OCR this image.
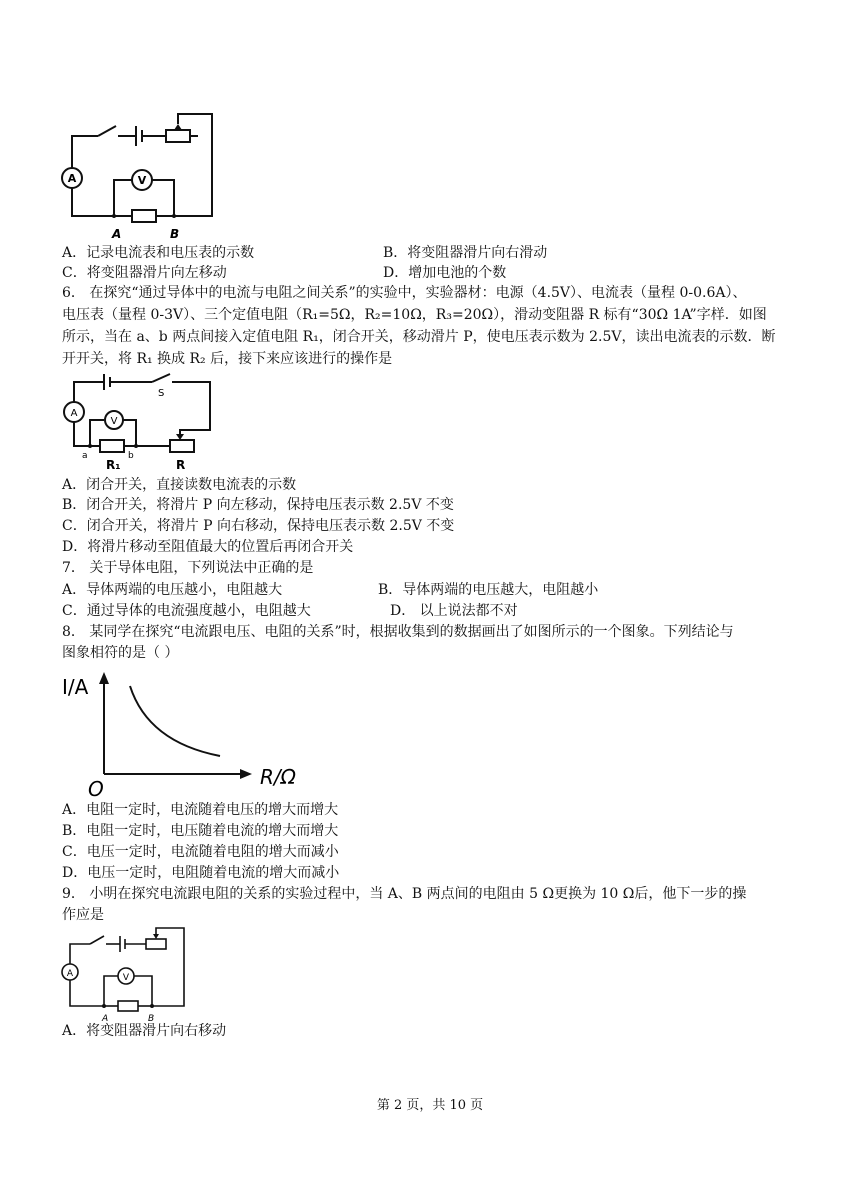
A	V
A	B
A．记录电流表和电压表的示数	B．将变阻器滑片向右滑动
C．将变阻器滑片向左移动	D．增加电池的个数
6． 在探究“通过导体中的电流与电阻之间关系”的实验中，实验器材：电源（4.5V）、电流表（量程 0-0.6A）、
电压表（量程 0-3V）、三个定值电阻（R₁=5Ω，R₂=10Ω，R₃=20Ω），滑动变阻器 R 标有“30Ω 1A”字样．如图
所示，当在 a、b 两点间接入定值电阻 R₁，闭合开关，移动滑片 P，使电压表示数为 2.5V，读出电流表的示数．断
开开关，将 R₁ 换成 R₂ 后，接下来应该进行的操作是
A
V
S
a	b
R₁	R
A．闭合开关，直接读数电流表的示数
B．闭合开关，将滑片 P 向左移动，保持电压表示数 2.5V 不变
C．闭合开关，将滑片 P 向右移动，保持电压表示数 2.5V 不变
D．将滑片移动至阻值最大的位置后再闭合开关
7． 关于导体电阻，下列说法中正确的是
A．导体两端的电压越小，电阻越大	B．导体两端的电压越大，电阻越小
C．通过导体的电流强度越小，电阻越大	D． 以上说法都不对
8． 某同学在探究“电流跟电压、电阻的关系”时，根据收集到的数据画出了如图所示的一个图象。下列结论与
图象相符的是（ ）
I/A
R/Ω
O
A．电阻一定时，电流随着电压的增大而增大
B．电阻一定时，电压随着电流的增大而增大
C．电压一定时，电流随着电阻的增大而减小
D．电压一定时，电阻随着电流的增大而减小
9． 小明在探究电流跟电阻的关系的实验过程中，当 A、B 两点间的电阻由 5 Ω更换为 10 Ω后，他下一步的操
作应是
A	V
A	B
A．将变阻器滑片向右移动
第 2 页，共 10 页
